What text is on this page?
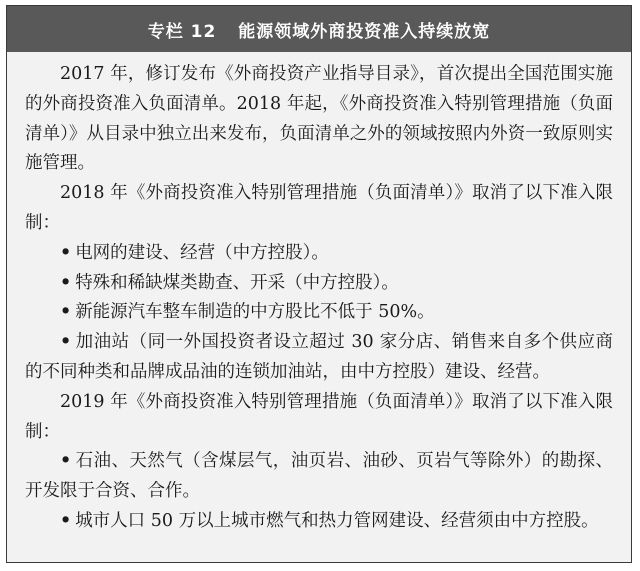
专栏 12 能源领域外商投资准入持续放宽

2017 年，修订发布《外商投资产业指导目录》，首次提出全国范围实施的外商投资准入负面清单。2018 年起，《外商投资准入特别管理措施（负面清单）》从目录中独立出来发布，负面清单之外的领域按照内外资一致原则实施管理。

2018 年《外商投资准入特别管理措施（负面清单）》取消了以下准入限制：

• 电网的建设、经营（中方控股）。

• 特殊和稀缺煤类勘查、开采（中方控股）。

• 新能源汽车整车制造的中方股比不低于 50%。

• 加油站（同一外国投资者设立超过 30 家分店、销售来自多个供应商的不同种类和品牌成品油的连锁加油站，由中方控股）建设、经营。

2019 年《外商投资准入特别管理措施（负面清单）》取消了以下准入限制：

• 石油、天然气（含煤层气，油页岩、油砂、页岩气等除外）的勘探、开发限于合资、合作。

• 城市人口 50 万以上城市燃气和热力管网建设、经营须由中方控股。
